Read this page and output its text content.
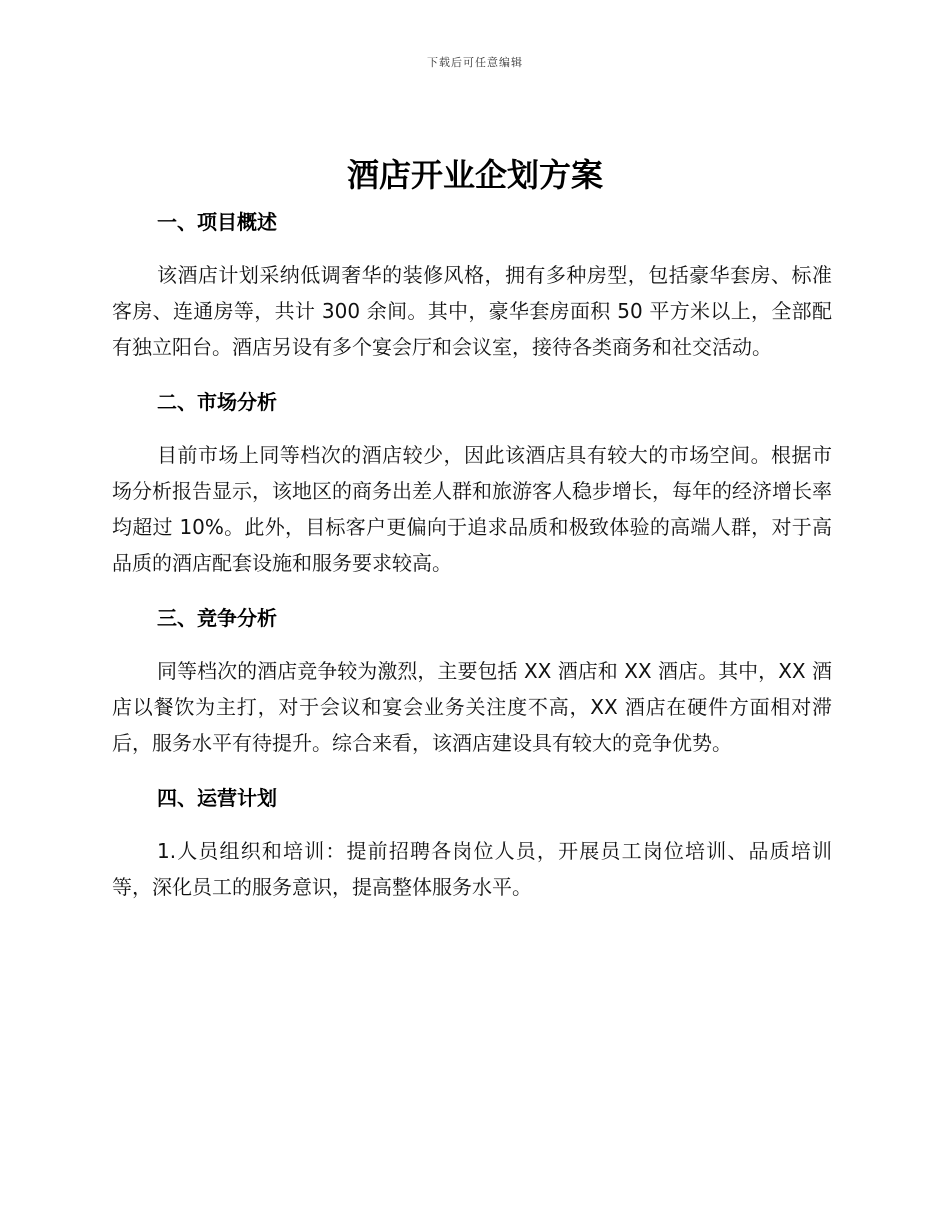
下载后可任意编辑
酒店开业企划方案
一、项目概述

该酒店计划采纳低调奢华的装修风格，拥有多种房型，包括豪华套房、标准客房、连通房等，共计 300 余间。其中，豪华套房面积 50 平方米以上，全部配有独立阳台。酒店另设有多个宴会厅和会议室，接待各类商务和社交活动。

二、市场分析

目前市场上同等档次的酒店较少，因此该酒店具有较大的市场空间。根据市场分析报告显示，该地区的商务出差人群和旅游客人稳步增长，每年的经济增长率均超过 10%。此外，目标客户更偏向于追求品质和极致体验的高端人群，对于高品质的酒店配套设施和服务要求较高。

三、竞争分析

同等档次的酒店竞争较为激烈，主要包括 XX 酒店和 XX 酒店。其中，XX 酒店以餐饮为主打，对于会议和宴会业务关注度不高，XX 酒店在硬件方面相对滞后，服务水平有待提升。综合来看，该酒店建设具有较大的竞争优势。

四、运营计划

1.人员组织和培训：提前招聘各岗位人员，开展员工岗位培训、品质培训等，深化员工的服务意识，提高整体服务水平。
